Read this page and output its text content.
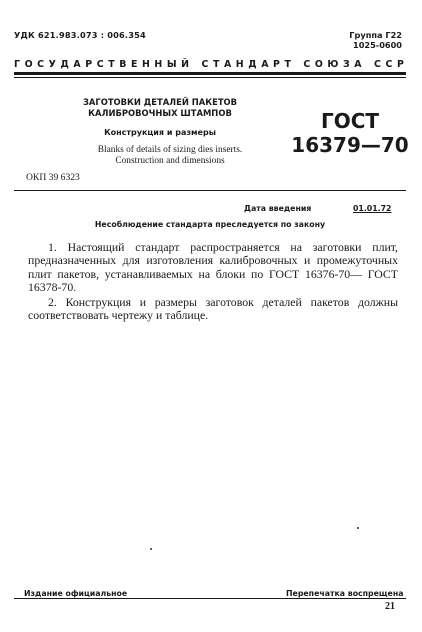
УДК 621.983.073 : 006.354	Группа Г22
1025-0600
ГОСУДАРСТВЕННЫЙ СТАНДАРТ СОЮЗА ССР
ЗАГОТОВКИ ДЕТАЛЕЙ ПАКЕТОВ
КАЛИБРОВОЧНЫХ ШТАМПОВ
Конструкция и размеры
Blanks of details of sizing dies inserts.
Construction and dimensions
ГОСТ
16379—70
ОКП 39 6323
Дата введения	01.01.72
Несоблюдение стандарта преследуется по закону
1. Настоящий стандарт распространяется на заготовки плит, предназначенных для изготовления калибровочных и промежуточных плит пакетов, устанавливаемых на блоки по ГОСТ 16376-70— ГОСТ 16378-70.
2. Конструкция и размеры заготовок деталей пакетов должны соответствовать чертежу и таблице.
Издание официальное	Перепечатка воспрещена
21
